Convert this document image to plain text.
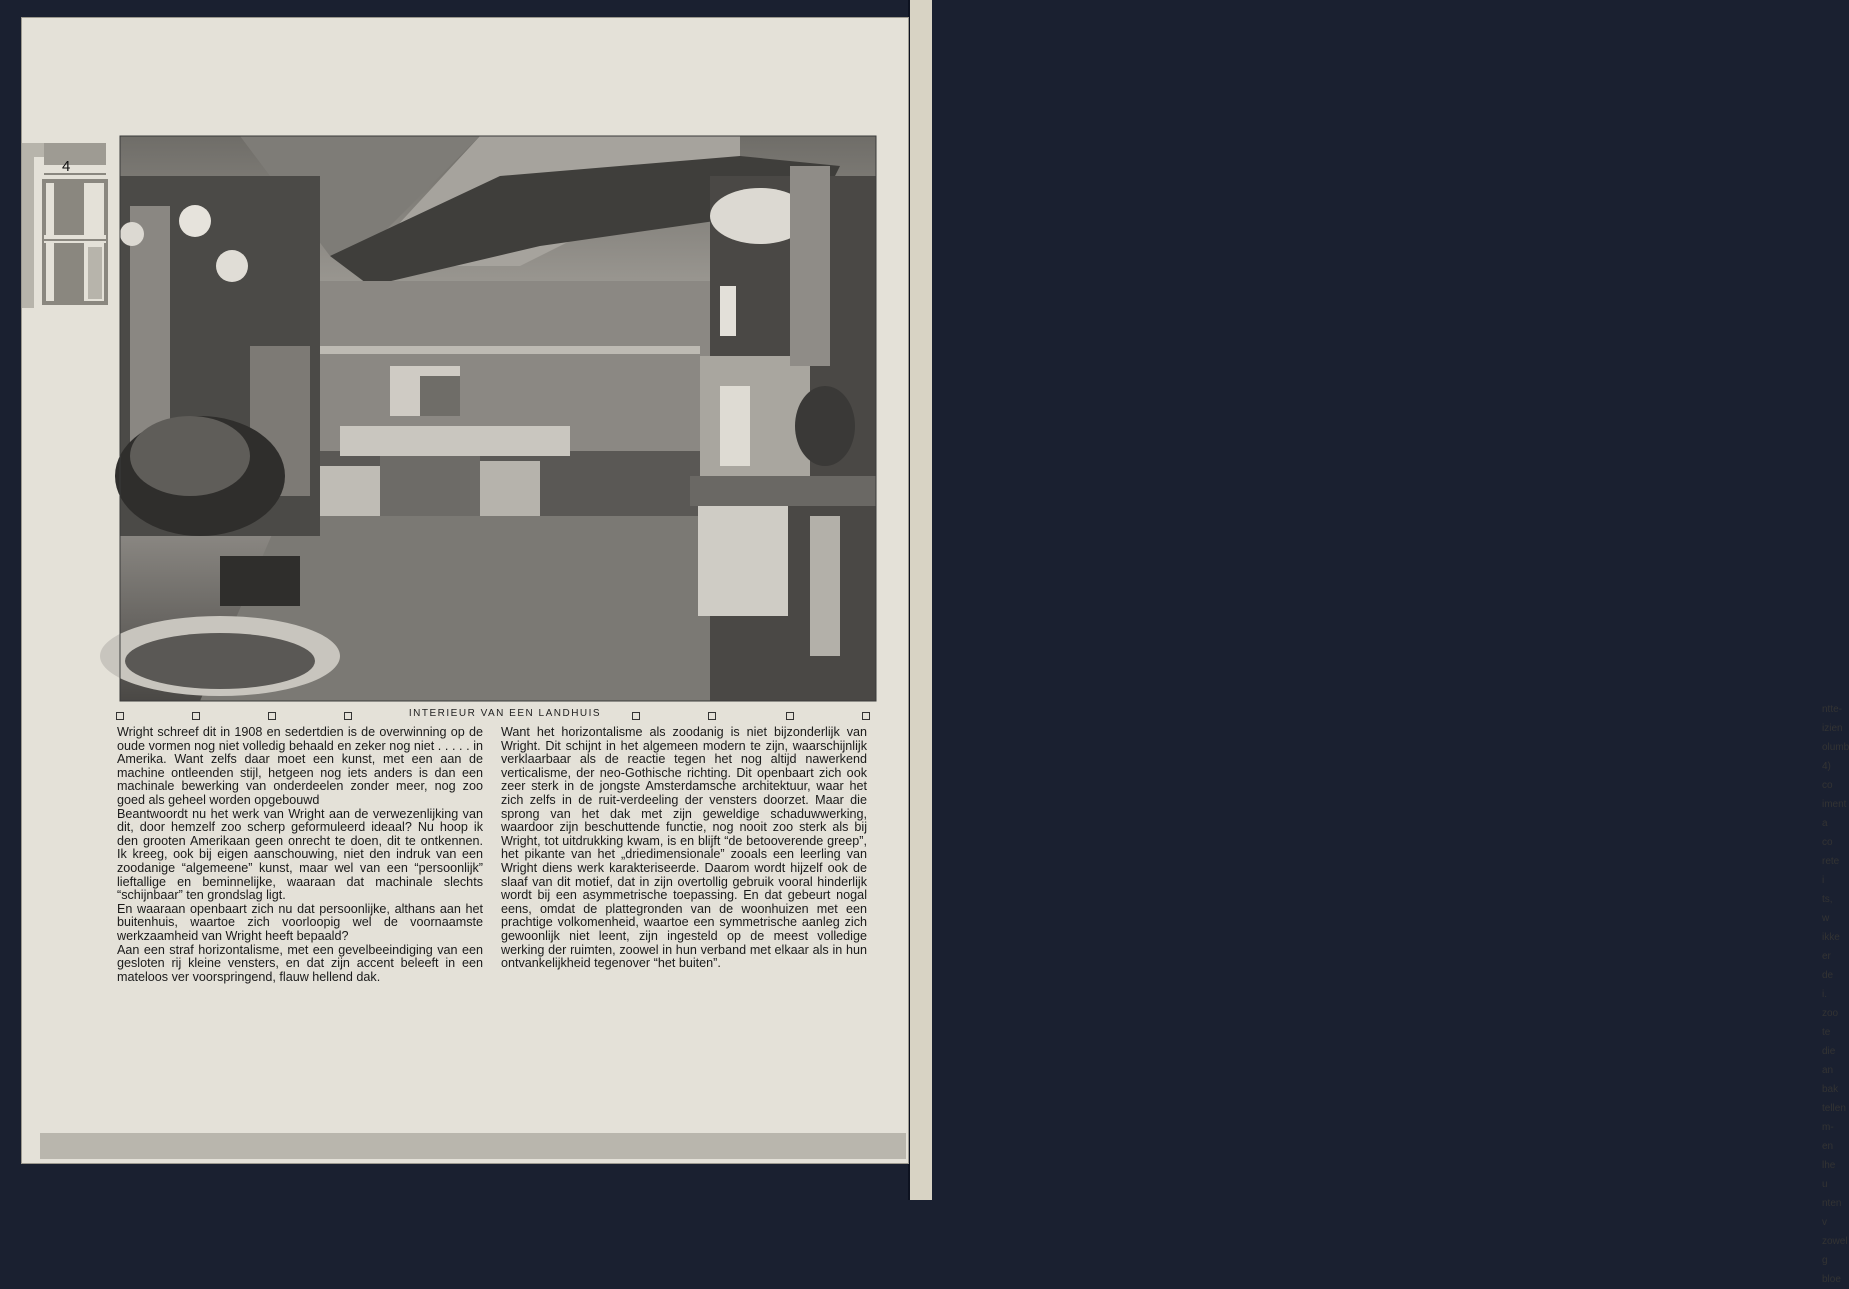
ntte-
izien
olumb
4) co
iment
a co
rete i
ts, w
ikke
er de
i. zoo
te die
an bak
tellen
m- en
lhe u
nten v
zowel
g bloe
4
INTERIEUR VAN EEN LANDHUIS

Wright schreef dit in 1908 en sedertdien is de overwinning op de oude vormen nog niet volledig behaald en zeker nog niet . . . . . in Amerika. Want zelfs daar moet een kunst, met een aan de machine ontleenden stijl, hetgeen nog iets anders is dan een machinale bewerking van onderdeelen zonder meer, nog zoo goed als geheel worden opgebouwd

Beantwoordt nu het werk van Wright aan de verwezenlijking van dit, door hemzelf zoo scherp geformuleerd ideaal? Nu hoop ik den grooten Amerikaan geen onrecht te doen, dit te ontkennen. Ik kreeg, ook bij eigen aanschouwing, niet den indruk van een zoodanige “algemeene” kunst, maar wel van een “persoonlijk” lieftallige en beminnelijke, waaraan dat machinale slechts “schijnbaar” ten grondslag ligt.

En waaraan openbaart zich nu dat persoonlijke, althans aan het buitenhuis, waartoe zich voorloopig wel de voornaamste werkzaamheid van Wright heeft bepaald?

Aan een straf horizontalisme, met een gevelbeeindiging van een gesloten rij kleine vensters, en dat zijn accent beleeft in een mateloos ver voorspringend, flauw hellend dak.

Want het horizontalisme als zoodanig is niet bijzonderlijk van Wright. Dit schijnt in het algemeen modern te zijn, waarschijnlijk verklaarbaar als de reactie tegen het nog altijd nawerkend verticalisme, der neo-Gothische richting. Dit openbaart zich ook zeer sterk in de jongste Amsterdamsche architektuur, waar het zich zelfs in de ruit-verdeeling der vensters doorzet. Maar die sprong van het dak met zijn geweldige schaduwwerking, waardoor zijn beschuttende functie, nog nooit zoo sterk als bij Wright, tot uitdrukking kwam, is en blijft “de betooverende greep”, het pikante van het „driedimensionale” zooals een leerling van Wright diens werk karakteriseerde. Daarom wordt hijzelf ook de slaaf van dit motief, dat in zijn overtollig gebruik vooral hinderlijk wordt bij een asymmetrische toepassing. En dat gebeurt nogal eens, omdat de plattegronden van de woonhuizen met een prachtige volkomenheid, waartoe een symmetrische aanleg zich gewoonlijk niet leent, zijn ingesteld op de meest volledige werking der ruimten, zoowel in hun verband met elkaar als in hun ontvankelijkheid tegenover “het buiten”.
